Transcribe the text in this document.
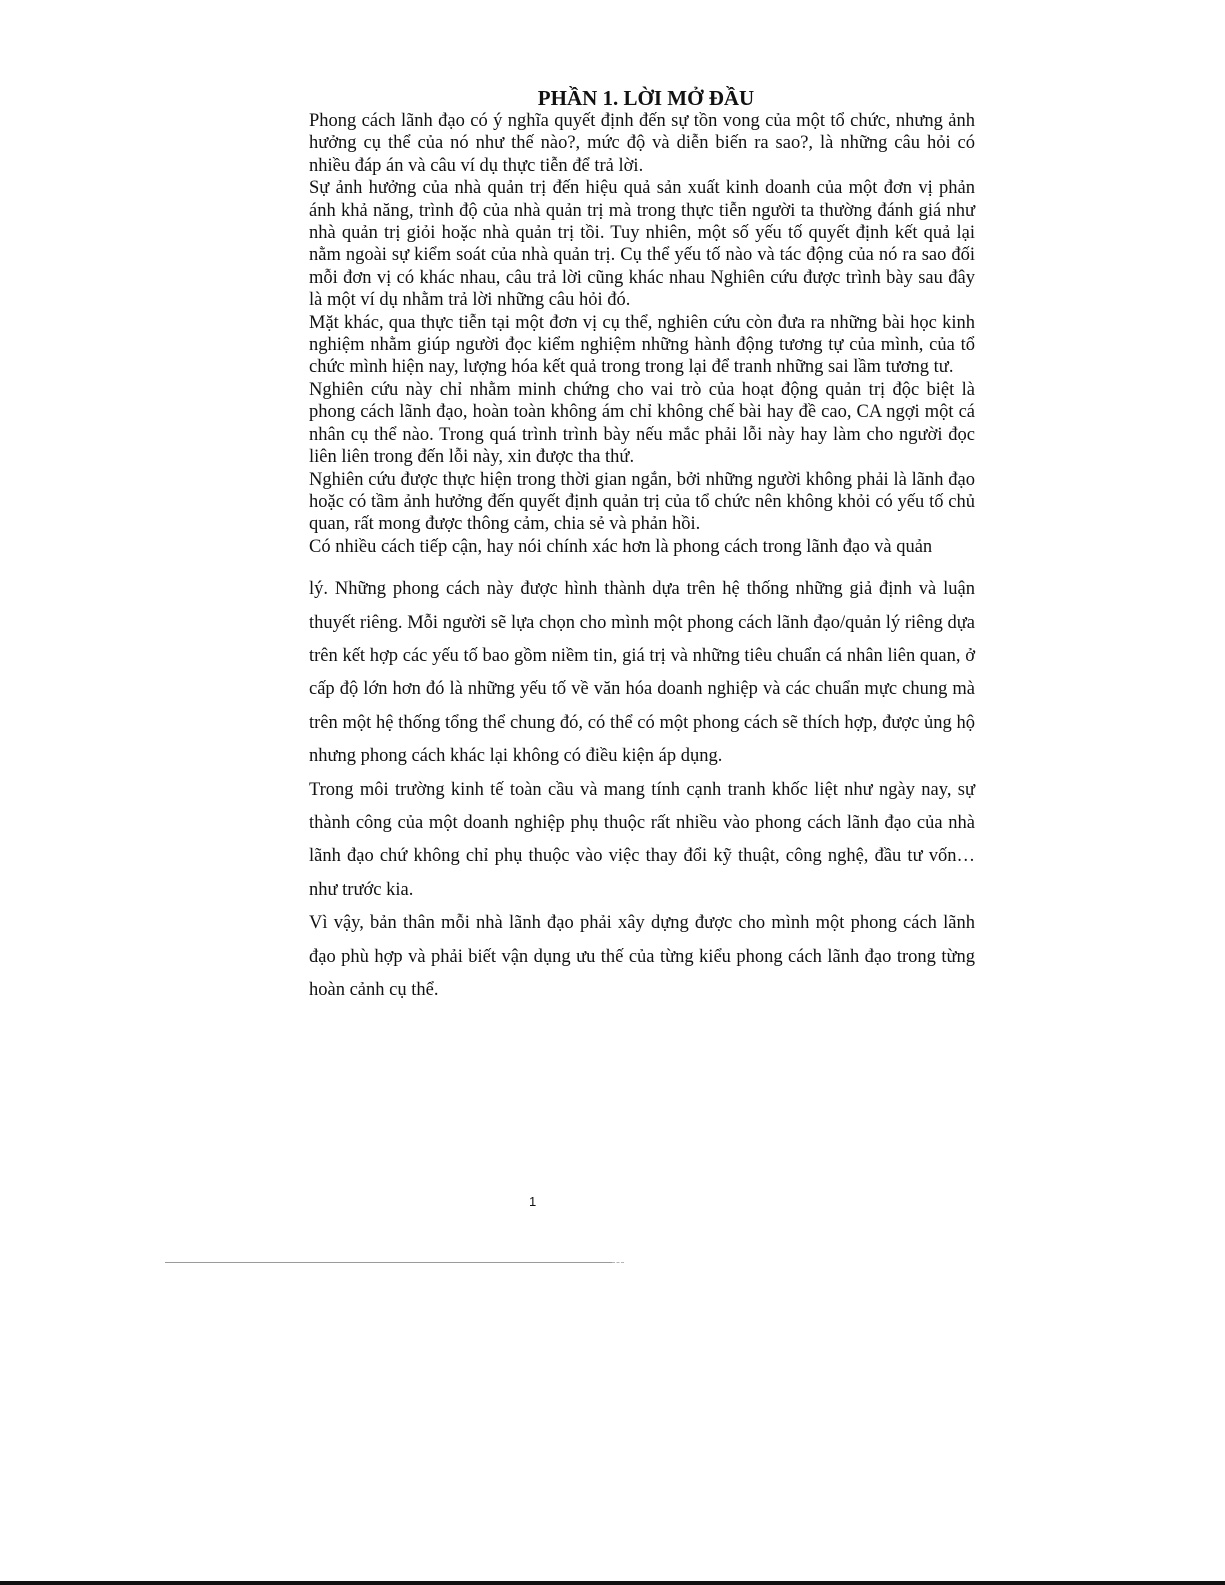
PHẦN 1. LỜI MỞ ĐẦU

Phong cách lãnh đạo có ý nghĩa quyết định đến sự tồn vong của một tổ chức, nhưng ảnh hưởng cụ thể của nó như thế nào?, mức độ và diễn biến ra sao?, là những câu hỏi có nhiều đáp án và câu ví dụ thực tiễn để trả lời.

Sự ảnh hưởng của nhà quản trị đến hiệu quả sản xuất kinh doanh của một đơn vị phản ánh khả năng, trình độ của nhà quản trị mà trong thực tiễn người ta thường đánh giá như nhà quản trị giỏi hoặc nhà quản trị tồi. Tuy nhiên, một số yếu tố quyết định kết quả lại nằm ngoài sự kiểm soát của nhà quản trị. Cụ thể yếu tố nào và tác động của nó ra sao đối mỗi đơn vị có khác nhau, câu trả lời cũng khác nhau Nghiên cứu được trình bày sau đây là một ví dụ nhằm trả lời những câu hỏi đó.

Mặt khác, qua thực tiễn tại một đơn vị cụ thể, nghiên cứu còn đưa ra những bài học kinh nghiệm nhằm giúp người đọc kiểm nghiệm những hành động tương tự của mình, của tổ chức mình hiện nay, lượng hóa kết quả trong trong lại để tranh những sai lầm tương tư.

Nghiên cứu này chỉ nhằm minh chứng cho vai trò của hoạt động quản trị độc biệt là phong cách lãnh đạo, hoàn toàn không ám chỉ không chế bài hay đề cao, CA ngợi một cá nhân cụ thể nào. Trong quá trình trình bày nếu mắc phải lỗi này hay làm cho người đọc liên liên trong đến lỗi này, xin được tha thứ.

Nghiên cứu được thực hiện trong thời gian ngắn, bởi những người không phải là lãnh đạo hoặc có tầm ảnh hưởng đến quyết định quản trị của tổ chức nên không khỏi có yếu tố chủ quan, rất mong được thông cảm, chia sẻ và phản hồi.

Có nhiều cách tiếp cận, hay nói chính xác hơn là phong cách trong lãnh đạo và quản

lý. Những phong cách này được hình thành dựa trên hệ thống những giả định và luận thuyết riêng. Mỗi người sẽ lựa chọn cho mình một phong cách lãnh đạo/quản lý riêng dựa trên kết hợp các yếu tố bao gồm niềm tin, giá trị và những tiêu chuẩn cá nhân liên quan, ở cấp độ lớn hơn đó là những yếu tố về văn hóa doanh nghiệp và các chuẩn mực chung mà trên một hệ thống tổng thể chung đó, có thể có một phong cách sẽ thích hợp, được ủng hộ nhưng phong cách khác lại không có điều kiện áp dụng.

Trong môi trường kinh tế toàn cầu và mang tính cạnh tranh khốc liệt như ngày nay, sự thành công của một doanh nghiệp phụ thuộc rất nhiều vào phong cách lãnh đạo của nhà lãnh đạo chứ không chỉ phụ thuộc vào việc thay đổi kỹ thuật, công nghệ, đầu tư vốn…như trước kia.

Vì vậy, bản thân mỗi nhà lãnh đạo phải xây dựng được cho mình một phong cách lãnh đạo phù hợp và phải biết vận dụng ưu thế của từng kiểu phong cách lãnh đạo trong từng hoàn cảnh cụ thể.

1
